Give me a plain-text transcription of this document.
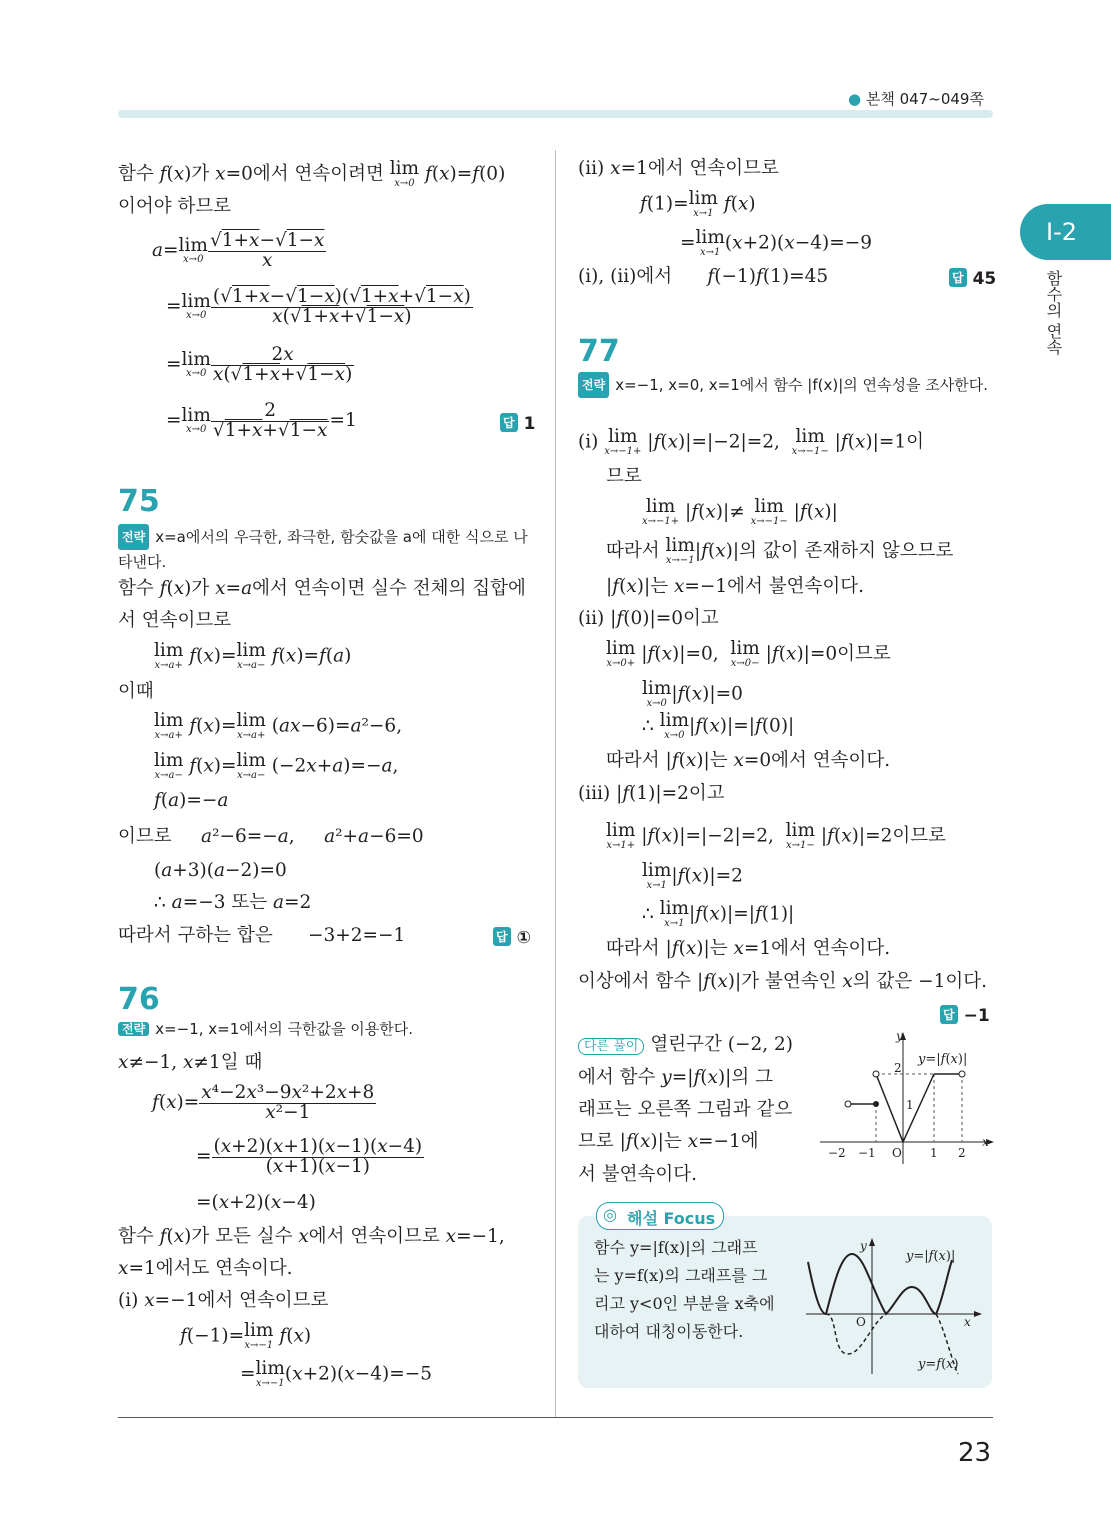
● 본책 047~049쪽
Ⅰ-2
함수의 연속
함수 f(x)가 x=0에서 연속이려면 lim
x→0 f(x)=f(0)
이어야 하므로
a=lim
$x\to 0 \frac{√1+x-√1-x}{x}$
=lim
$x\to 0 \frac{(√1+x-√1-x)(√1+x+√1-x)}{x(√1+x+√1-x)}$
=lim
$x\to 0 \frac{2x}{x(√1+x+√1-x)}$
=lim
$x\to 0 \frac{2}{√1+x+√1-x} =1$	답 1
75
전략 x=a에서의 우극한, 좌극한, 함숫값을 a에 대한 식으로 나타낸다.
함수 f(x)가 x=a에서 연속이면 실수 전체의 집합에
서 연속이므로
lim
x→a+ f(x)=lim
x→a− f(x)=f(a)
이때
lim
x→a+ f(x)=lim
x→a+ (ax−6)=a²−6,
lim
x→a− f(x)=lim
x→a− (−2x+a)=−a,
f(a)=−a
이므로     a²−6=−a,     a²+a−6=0
(a+3)(a−2)=0
∴ a=−3 또는 a=2
따라서 구하는 합은      −3+2=−1	답 ①
76
전략 x=−1, x=1에서의 극한값을 이용한다.
x≠−1, x≠1일 때
$f(x)= \frac{\text{x⁴−2x³−9x²+2x+8}}{\text{x²−1}}$
= $\frac{(x+2)(x+1)(x-1)(x-4)}{(x+1)(x-1)}$
=(x+2)(x−4)
함수 f(x)가 모든 실수 x에서 연속이므로 x=−1,
x=1에서도 연속이다.
(ⅰ) x=−1에서 연속이므로
f(−1)=lim
x→−1 f(x)
=lim
x→−1 (x+2)(x−4)=−5
(ⅱ) x=1에서 연속이므로
f(1)=lim
x→1 f(x)
=lim
x→1 (x+2)(x−4)=−9
(ⅰ), (ⅱ)에서      f(−1)f(1)=45	답 45
77
전략 x=−1, x=0, x=1에서 함수 |f(x)|의 연속성을 조사한다.
(ⅰ) lim
x→−1+ |f(x)|=|−2|=2,  lim
x→−1− |f(x)|=1이
므로
lim
x→−1+ |f(x)|≠ lim
x→−1− |f(x)|
따라서 lim
x→−1 |f(x)|의 값이 존재하지 않으므로
|f(x)|는 x=−1에서 불연속이다.
(ⅱ) |f(0)|=0이고
lim
x→0+ |f(x)|=0,  lim
x→0− |f(x)|=0이므로
lim
x→0 |f(x)|=0
∴ lim
x→0 |f(x)|=|f(0)|
따라서 |f(x)|는 x=0에서 연속이다.
(ⅲ) |f(1)|=2이고
lim
x→1+ |f(x)|=|−2|=2,  lim
x→1− |f(x)|=2이므로
lim
x→1 |f(x)|=2
∴ lim
x→1 |f(x)|=|f(1)|
따라서 |f(x)|는 x=1에서 연속이다.
이상에서 함수 |f(x)|가 불연속인 x의 값은 −1이다.
답 −1
다른 풀이 열린구간 (−2, 2)
에서 함수 y=|f(x)|의 그
래프는 오른쪽 그림과 같으
므로 |f(x)|는 x=−1에
서 불연속이다.
y
y=|f(x)|
2
1
−2 −1 O 1 2
x
◎ 해설 Focus
함수 y=|f(x)|의 그래프
는 y=f(x)의 그래프를 그
리고 y<0인 부분을 x축에
대하여 대칭이동한다.
y
y=|f(x)|
O	x
y=f(x)
23
